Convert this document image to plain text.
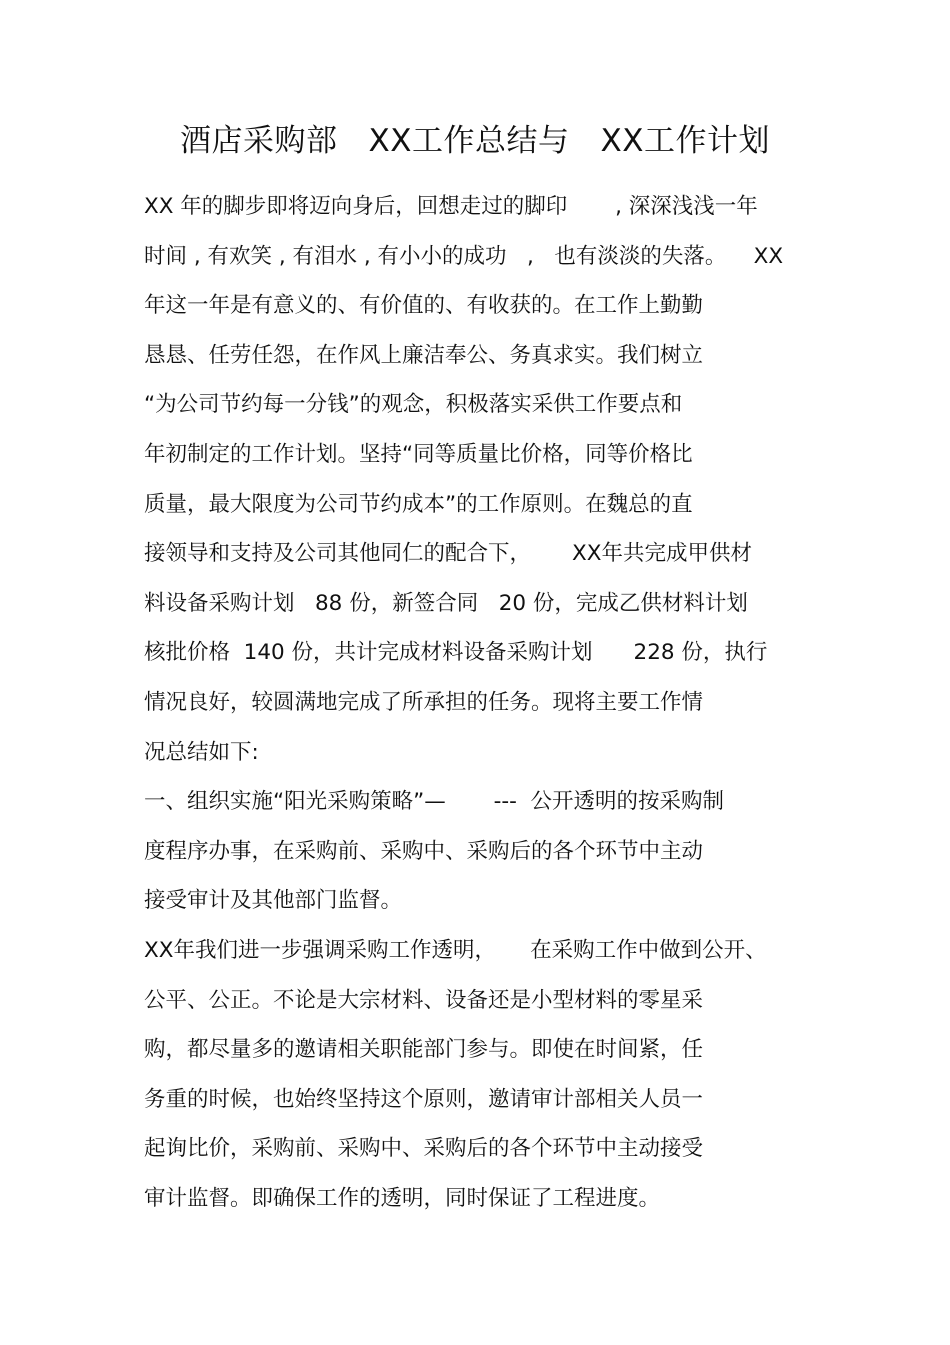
酒店采购部   XX工作总结与   XX工作计划
XX 年的脚步即将迈向身后，回想走过的脚印       , 深深浅浅一年
时间 , 有欢笑 , 有泪水 , 有小小的成功   ,   也有淡淡的失落。    XX
年这一年是有意义的、有价值的、有收获的。在工作上勤勤
恳恳、任劳任怨，在作风上廉洁奉公、务真求实。我们树立
“为公司节约每一分钱”的观念，积极落实采供工作要点和
年初制定的工作计划。坚持“同等质量比价格，同等价格比
质量，最大限度为公司节约成本”的工作原则。在魏总的直
接领导和支持及公司其他同仁的配合下，      XX年共完成甲供材
料设备采购计划   88 份，新签合同   20 份，完成乙供材料计划
核批价格  140 份，共计完成材料设备采购计划      228 份，执行
情况良好，较圆满地完成了所承担的任务。现将主要工作情
况总结如下:
一、组织实施“阳光采购策略”—       ---  公开透明的按采购制
度程序办事，在采购前、采购中、采购后的各个环节中主动
接受审计及其他部门监督。
XX年我们进一步强调采购工作透明，     在采购工作中做到公开、
公平、公正。不论是大宗材料、设备还是小型材料的零星采
购，都尽量多的邀请相关职能部门参与。即使在时间紧，任
务重的时候，也始终坚持这个原则，邀请审计部相关人员一
起询比价，采购前、采购中、采购后的各个环节中主动接受
审计监督。即确保工作的透明，同时保证了工程进度。
